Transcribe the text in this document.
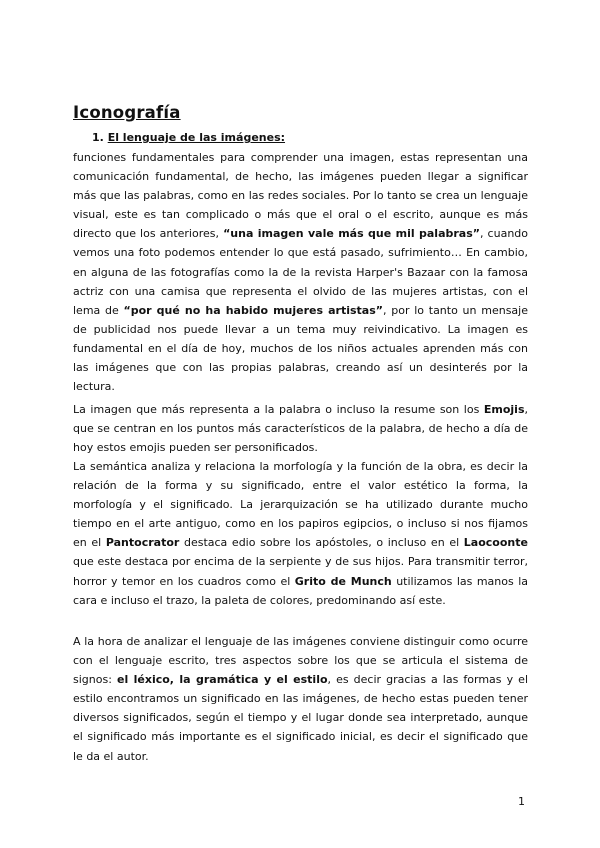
Iconografía
1. El lenguaje de las imágenes:

funciones fundamentales para comprender una imagen, estas representan una comunicación fundamental, de hecho, las imágenes pueden llegar a significar más que las palabras, como en las redes sociales. Por lo tanto se crea un lenguaje visual, este es tan complicado o más que el oral o el escrito, aunque es más directo que los anteriores, “una imagen vale más que mil palabras”, cuando vemos una foto podemos entender lo que está pasado, sufrimiento… En cambio, en alguna de las fotografías como la de la revista Harper's Bazaar con la famosa actriz con una camisa que representa el olvido de las mujeres artistas, con el lema de “por qué no ha habido mujeres artistas”, por lo tanto un mensaje de publicidad nos puede llevar a un tema muy reivindicativo. La imagen es fundamental en el día de hoy, muchos de los niños actuales aprenden más con las imágenes que con las propias palabras, creando así un desinterés por la lectura.

La imagen que más representa a la palabra o incluso la resume son los Emojis, que se centran en los puntos más característicos de la palabra, de hecho a día de hoy estos emojis pueden ser personificados.

La semántica analiza y relaciona la morfología y la función de la obra, es decir la relación de la forma y su significado, entre el valor estético la forma, la morfología y el significado. La jerarquización se ha utilizado durante mucho tiempo en el arte antiguo, como en los papiros egipcios, o incluso si nos fijamos en el Pantocrator destaca edio sobre los apóstoles, o incluso en el Laocoonte que este destaca por encima de la serpiente y de sus hijos. Para transmitir terror, horror y temor en los cuadros como el Grito de Munch utilizamos las manos la cara e incluso el trazo, la paleta de colores, predominando así este.

A la hora de analizar el lenguaje de las imágenes conviene distinguir como ocurre con el lenguaje escrito, tres aspectos sobre los que se articula el sistema de signos: el léxico, la gramática y el estilo, es decir gracias a las formas y el estilo encontramos un significado en las imágenes, de hecho estas pueden tener diversos significados, según el tiempo y el lugar donde sea interpretado, aunque el significado más importante es el significado inicial, es decir el significado que le da el autor.

1
